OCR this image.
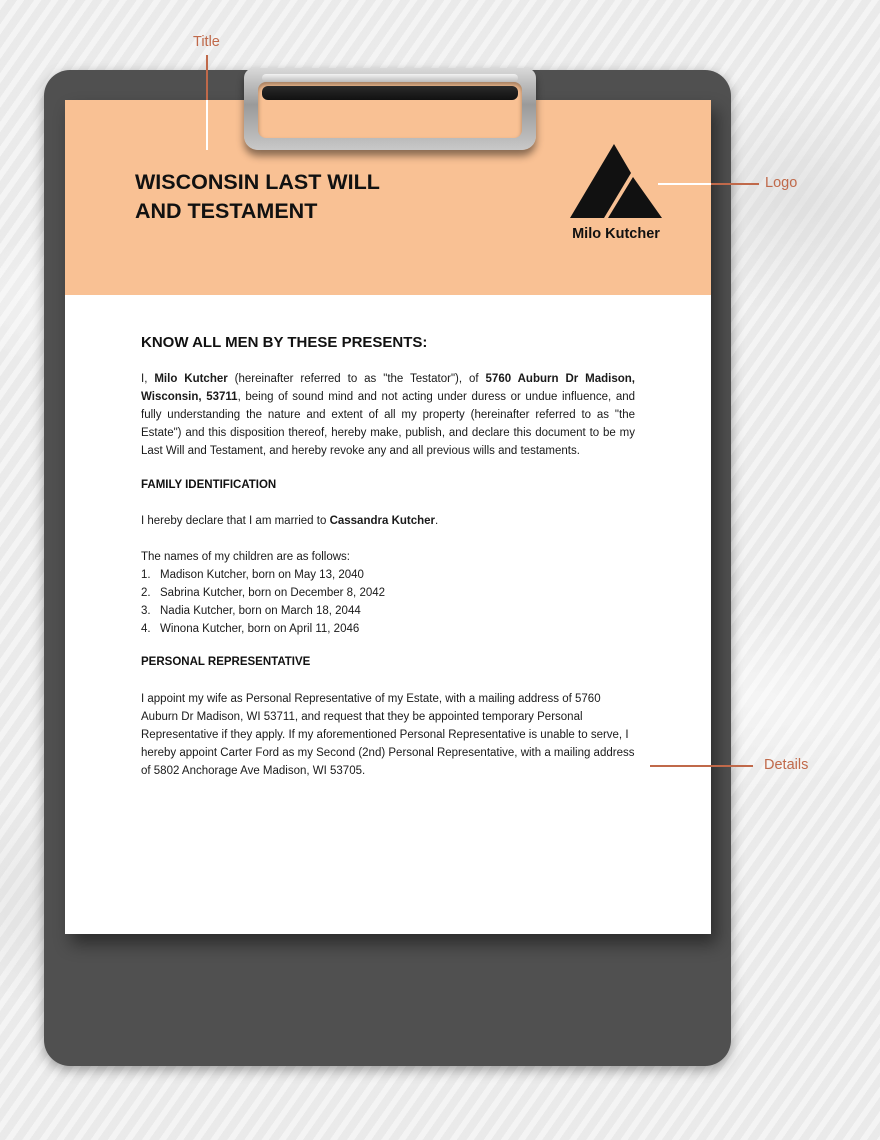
WISCONSIN LAST WILL AND TESTAMENT
Milo Kutcher
KNOW ALL MEN BY THESE PRESENTS:

I, Milo Kutcher (hereinafter referred to as "the Testator"), of 5760 Auburn Dr Madison, Wisconsin, 53711, being of sound mind and not acting under duress or undue influence, and fully understanding the nature and extent of all my property (hereinafter referred to as "the Estate") and this disposition thereof, hereby make, publish, and declare this document to be my Last Will and Testament, and hereby revoke any and all previous wills and testaments.

FAMILY IDENTIFICATION

I hereby declare that I am married to Cassandra Kutcher.

The names of my children are as follows:

1. Madison Kutcher, born on May 13, 2040
2. Sabrina Kutcher, born on December 8, 2042
3. Nadia Kutcher, born on March 18, 2044
4. Winona Kutcher, born on April 11, 2046
PERSONAL REPRESENTATIVE

I appoint my wife as Personal Representative of my Estate, with a mailing address of 5760 Auburn Dr Madison, WI 53711, and request that they be appointed temporary Personal Representative if they apply. If my aforementioned Personal Representative is unable to serve, I hereby appoint Carter Ford as my Second (2nd) Personal Representative, with a mailing address of 5802 Anchorage Ave Madison, WI 53705.

Title
Logo
Details
